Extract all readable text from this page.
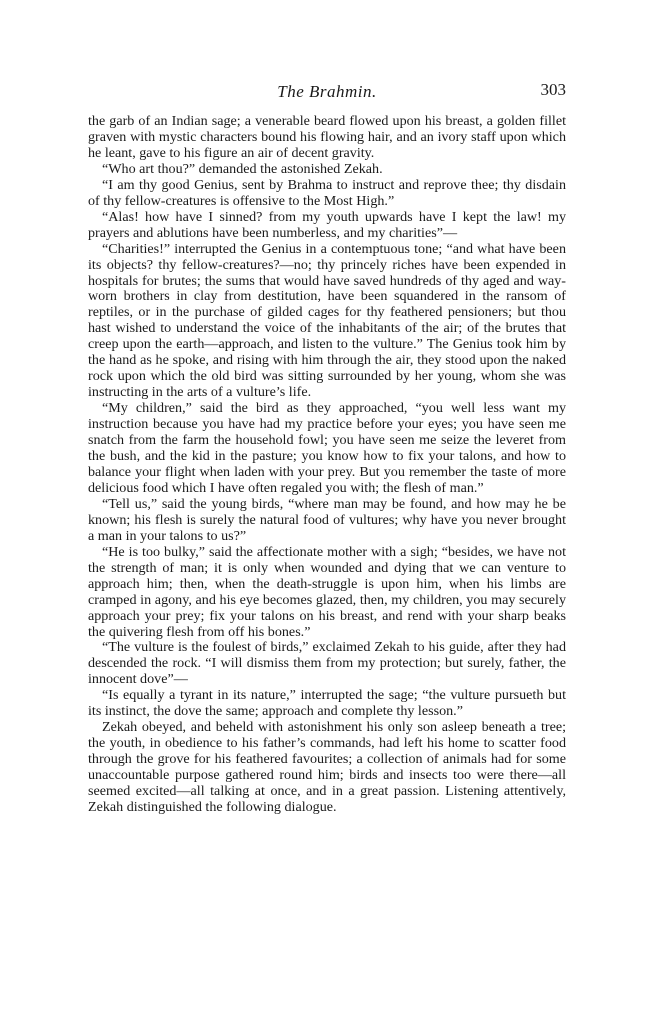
The Brahmin.	303

the garb of an Indian sage; a venerable beard flowed upon his breast, a golden fillet graven with mystic characters bound his flowing hair, and an ivory staff upon which he leant, gave to his figure an air of decent gravity.

“Who art thou?” demanded the astonished Zekah.

“I am thy good Genius, sent by Brahma to instruct and reprove thee; thy disdain of thy fellow-creatures is offensive to the Most High.”

“Alas! how have I sinned? from my youth upwards have I kept the law! my prayers and ablutions have been numberless, and my charities”—

“Charities!” interrupted the Genius in a contemptuous tone; “and what have been its objects? thy fellow-creatures?—no; thy princely riches have been expended in hospitals for brutes; the sums that would have saved hundreds of thy aged and way-worn brothers in clay from destitution, have been squandered in the ransom of reptiles, or in the purchase of gilded cages for thy feathered pensioners; but thou hast wished to understand the voice of the inhabitants of the air; of the brutes that creep upon the earth—approach, and listen to the vulture.” The Genius took him by the hand as he spoke, and rising with him through the air, they stood upon the naked rock upon which the old bird was sitting surrounded by her young, whom she was instructing in the arts of a vulture’s life.

“My children,” said the bird as they approached, “you well less want my instruction because you have had my practice before your eyes; you have seen me snatch from the farm the household fowl; you have seen me seize the leveret from the bush, and the kid in the pasture; you know how to fix your talons, and how to balance your flight when laden with your prey. But you remember the taste of more delicious food which I have often regaled you with; the flesh of man.”

“Tell us,” said the young birds, “where man may be found, and how may he be known; his flesh is surely the natural food of vultures; why have you never brought a man in your talons to us?”

“He is too bulky,” said the affectionate mother with a sigh; “besides, we have not the strength of man; it is only when wounded and dying that we can venture to approach him; then, when the death-struggle is upon him, when his limbs are cramped in agony, and his eye becomes glazed, then, my children, you may securely approach your prey; fix your talons on his breast, and rend with your sharp beaks the quivering flesh from off his bones.”

“The vulture is the foulest of birds,” exclaimed Zekah to his guide, after they had descended the rock. “I will dismiss them from my protection; but surely, father, the innocent dove”—

“Is equally a tyrant in its nature,” interrupted the sage; “the vulture pursueth but its instinct, the dove the same; approach and complete thy lesson.”

Zekah obeyed, and beheld with astonishment his only son asleep beneath a tree; the youth, in obedience to his father’s commands, had left his home to scatter food through the grove for his feathered favourites; a collection of animals had for some unaccountable purpose gathered round him; birds and insects too were there—all seemed excited—all talking at once, and in a great passion. Listening attentively, Zekah distinguished the following dialogue.
